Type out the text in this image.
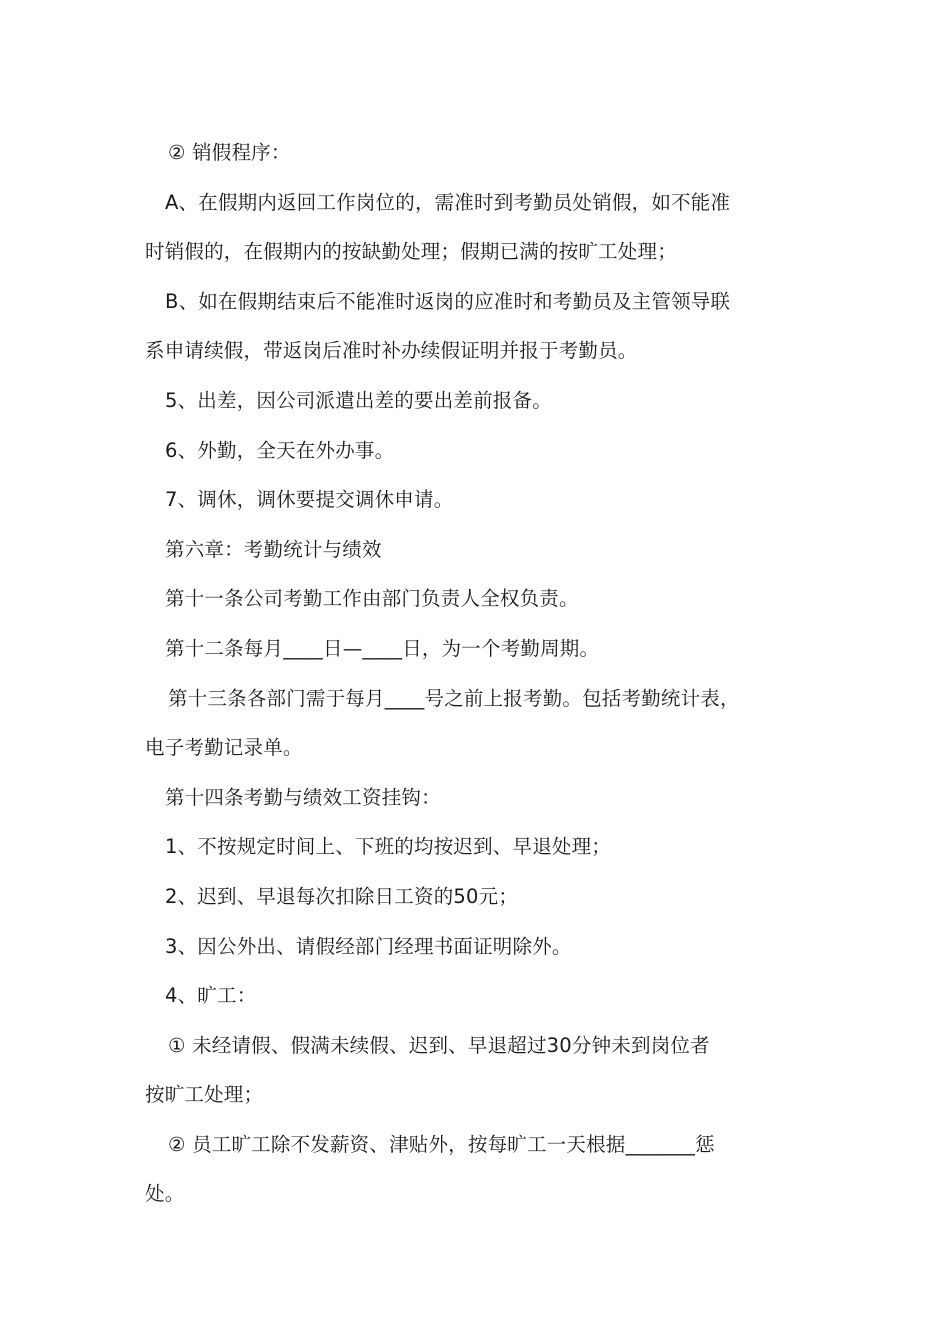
② 销假程序：

A、在假期内返回工作岗位的，需准时到考勤员处销假，如不能准

时销假的，在假期内的按缺勤处理；假期已满的按旷工处理；

B、如在假期结束后不能准时返岗的应准时和考勤员及主管领导联

系申请续假，带返岗后准时补办续假证明并报于考勤员。

5、出差，因公司派遣出差的要出差前报备。

6、外勤，全天在外办事。

7、调休，调休要提交调休申请。

第六章：考勤统计与绩效

第十一条公司考勤工作由部门负责人全权负责。

第十二条每月____日—____日，为一个考勤周期。

第十三条各部门需于每月____号之前上报考勤。包括考勤统计表，

电子考勤记录单。

第十四条考勤与绩效工资挂钩：

1、不按规定时间上、下班的均按迟到、早退处理；

2、迟到、早退每次扣除日工资的50元；

3、因公外出、请假经部门经理书面证明除外。

4、旷工：

① 未经请假、假满未续假、迟到、早退超过30分钟未到岗位者

按旷工处理；

② 员工旷工除不发薪资、津贴外，按每旷工一天根据_______惩

处。
